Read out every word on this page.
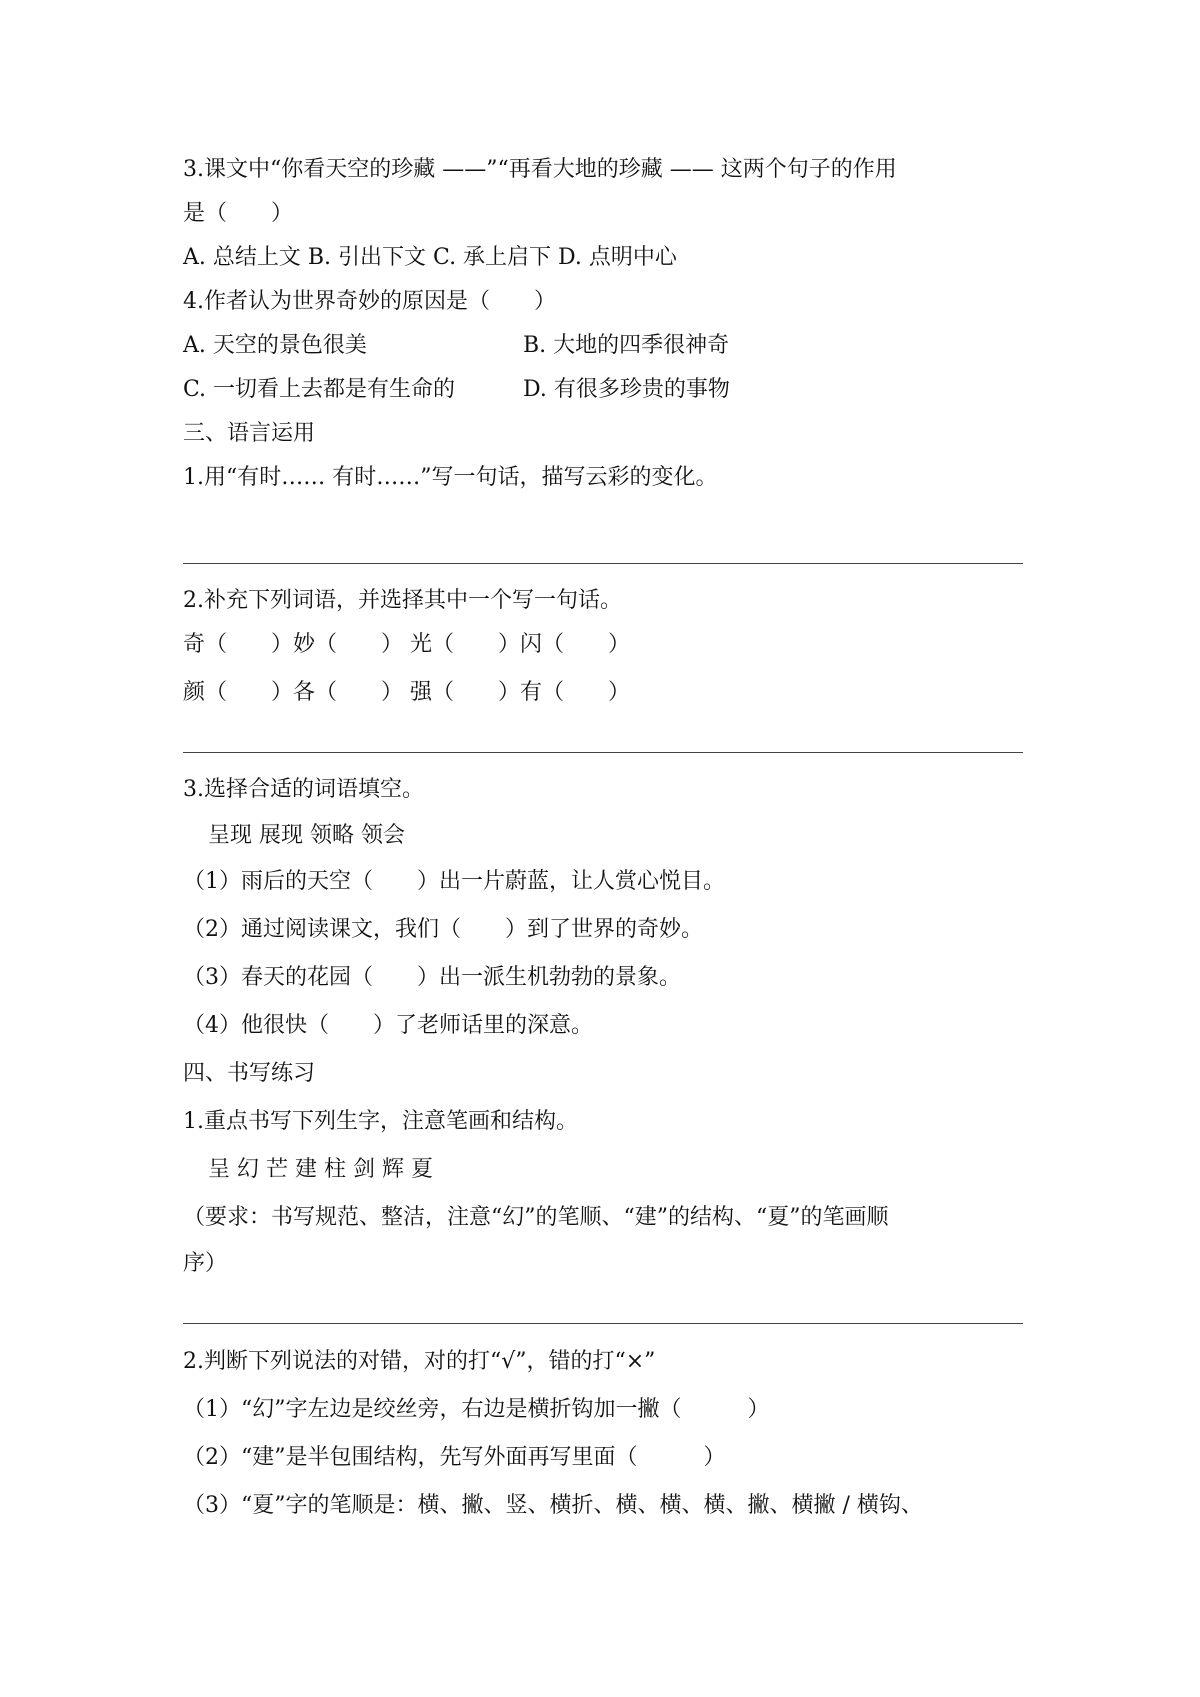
3.课文中“你看天空的珍藏 ——”“再看大地的珍藏 —— 这两个句子的作用
是（　　）
A. 总结上文 B. 引出下文 C. 承上启下 D. 点明中心
4.作者认为世界奇妙的原因是（　　）
A. 天空的景色很美	B. 大地的四季很神奇
C. 一切看上去都是有生命的	D. 有很多珍贵的事物
三、语言运用
1.用“有时…… 有时……”写一句话，描写云彩的变化。
2.补充下列词语，并选择其中一个写一句话。
奇（　　）妙（　　） 光（　　）闪（　　）
颜（　　）各（　　） 强（　　）有（　　）
3.选择合适的词语填空。
呈现 展现 领略 领会
（1）雨后的天空（　　）出一片蔚蓝，让人赏心悦目。
（2）通过阅读课文，我们（　　）到了世界的奇妙。
（3）春天的花园（　　）出一派生机勃勃的景象。
（4）他很快（　　）了老师话里的深意。
四、书写练习
1.重点书写下列生字，注意笔画和结构。
呈 幻 芒 建 柱 剑 辉 夏
（要求：书写规范、整洁，注意“幻”的笔顺、“建”的结构、“夏”的笔画顺
序）
2.判断下列说法的对错，对的打“√”，错的打“×”
（1）“幻”字左边是绞丝旁，右边是横折钩加一撇（　　　）
（2）“建”是半包围结构，先写外面再写里面（　　　）
（3）“夏”字的笔顺是：横、撇、竖、横折、横、横、横、撇、横撇 / 横钩、
